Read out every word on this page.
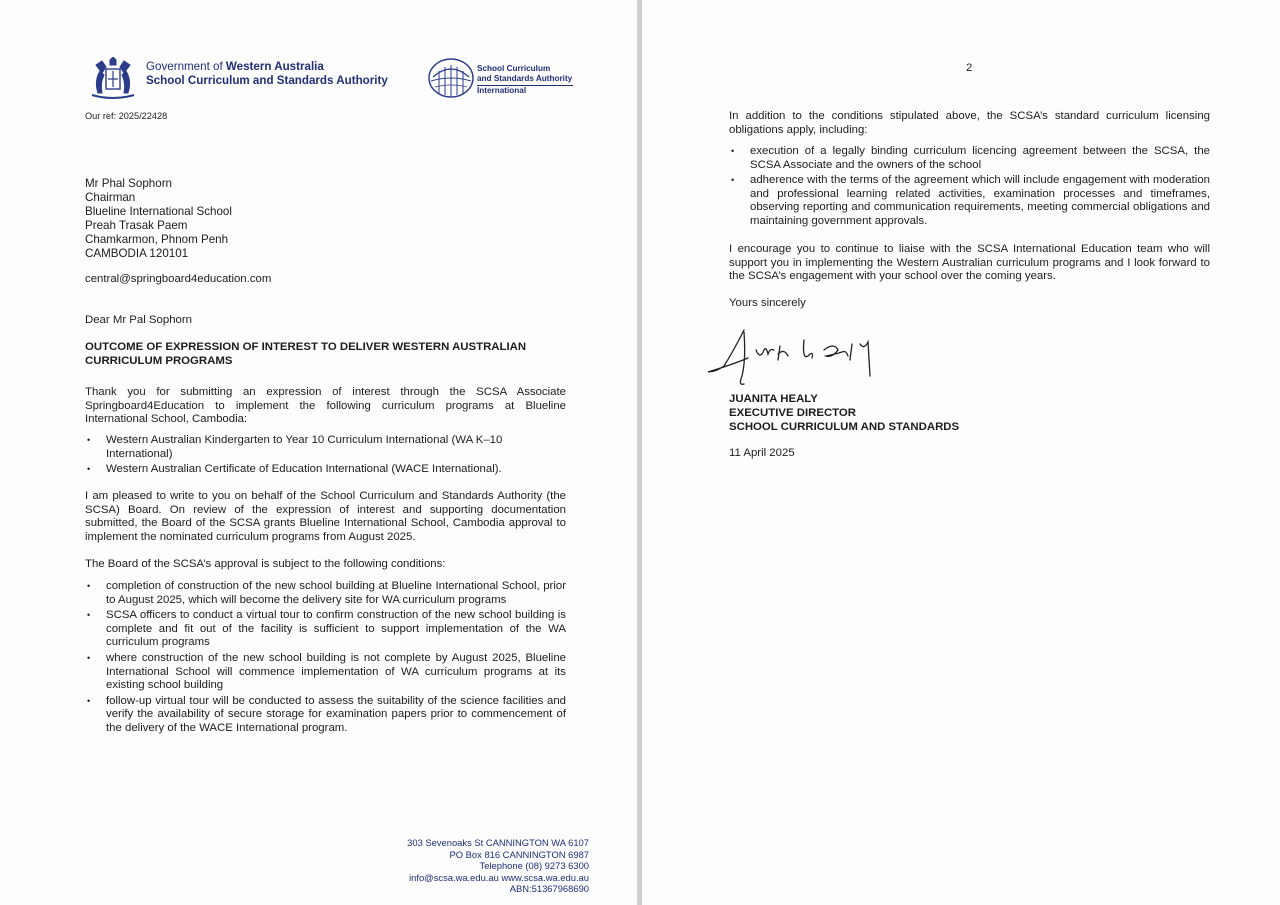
Government of Western Australia
School Curriculum and Standards Authority
School Curriculum
and Standards Authority
International
Our ref: 2025/22428
Mr Phal Sophorn
Chairman
Blueline International School
Preah Trasak Paem
Chamkarmon, Phnom Penh
CAMBODIA 120101
central@springboard4education.com
Dear Mr Pal Sophorn
OUTCOME OF EXPRESSION OF INTEREST TO DELIVER WESTERN AUSTRALIAN
CURRICULUM PROGRAMS
Thank you for submitting an expression of interest through the SCSA Associate Springboard4Education to implement the following curriculum programs at Blueline International School, Cambodia:
• Western Australian Kindergarten to Year 10 Curriculum International (WA K–10 International)
• Western Australian Certificate of Education International (WACE International).
I am pleased to write to you on behalf of the School Curriculum and Standards Authority (the SCSA) Board. On review of the expression of interest and supporting documentation submitted, the Board of the SCSA grants Blueline International School, Cambodia approval to implement the nominated curriculum programs from August 2025.
The Board of the SCSA’s approval is subject to the following conditions:
• completion of construction of the new school building at Blueline International School, prior to August 2025, which will become the delivery site for WA curriculum programs
• SCSA officers to conduct a virtual tour to confirm construction of the new school building is complete and fit out of the facility is sufficient to support implementation of the WA curriculum programs
• where construction of the new school building is not complete by August 2025, Blueline International School will commence implementation of WA curriculum programs at its existing school building
• follow-up virtual tour will be conducted to assess the suitability of the science facilities and verify the availability of secure storage for examination papers prior to commencement of the delivery of the WACE International program.
303 Sevenoaks St CANNINGTON WA 6107
PO Box 816 CANNINGTON 6987
Telephone (08) 9273 6300
info@scsa.wa.edu.au www.scsa.wa.edu.au
ABN:51367968690
2
In addition to the conditions stipulated above, the SCSA’s standard curriculum licensing obligations apply, including:
• execution of a legally binding curriculum licencing agreement between the SCSA, the SCSA Associate and the owners of the school
• adherence with the terms of the agreement which will include engagement with moderation and professional learning related activities, examination processes and timeframes, observing reporting and communication requirements, meeting commercial obligations and maintaining government approvals.
I encourage you to continue to liaise with the SCSA International Education team who will support you in implementing the Western Australian curriculum programs and I look forward to the SCSA’s engagement with your school over the coming years.
Yours sincerely
JUANITA HEALY
EXECUTIVE DIRECTOR
SCHOOL CURRICULUM AND STANDARDS
11 April 2025
